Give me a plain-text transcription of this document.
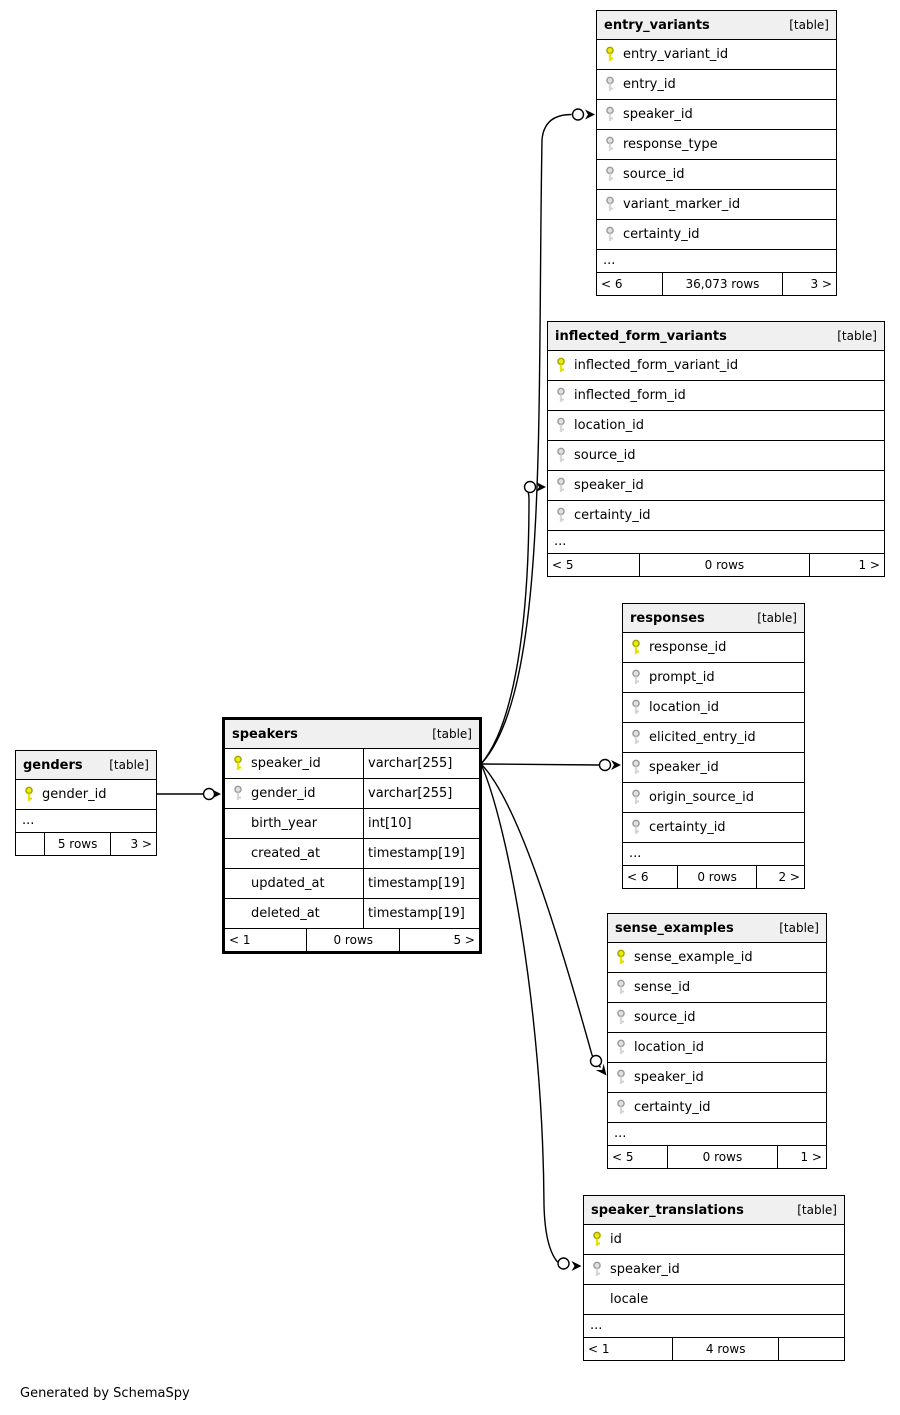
entry_variants	[table]
entry_variant_id
entry_id
speaker_id
response_type
source_id
variant_marker_id
certainty_id
...
< 6	36,073 rows	3 >
inflected_form_variants	[table]
inflected_form_variant_id
inflected_form_id
location_id
source_id
speaker_id
certainty_id
...
< 5	0 rows	1 >
responses	[table]
response_id
prompt_id
location_id
elicited_entry_id
speaker_id
origin_source_id
certainty_id
...
< 6	0 rows	2 >
speakers	[table]
speaker_id	varchar[255]
gender_id	varchar[255]
birth_year	int[10]
created_at	timestamp[19]
updated_at	timestamp[19]
deleted_at	timestamp[19]
< 1	0 rows	5 >
genders [table]
gender_id
...
5 rows	3 >
sense_examples	[table]
sense_example_id
sense_id
source_id
location_id
speaker_id
certainty_id
...
< 5	0 rows	1 >
speaker_translations	[table]
id
speaker_id
locale
...
< 1	4 rows
Generated by SchemaSpy
